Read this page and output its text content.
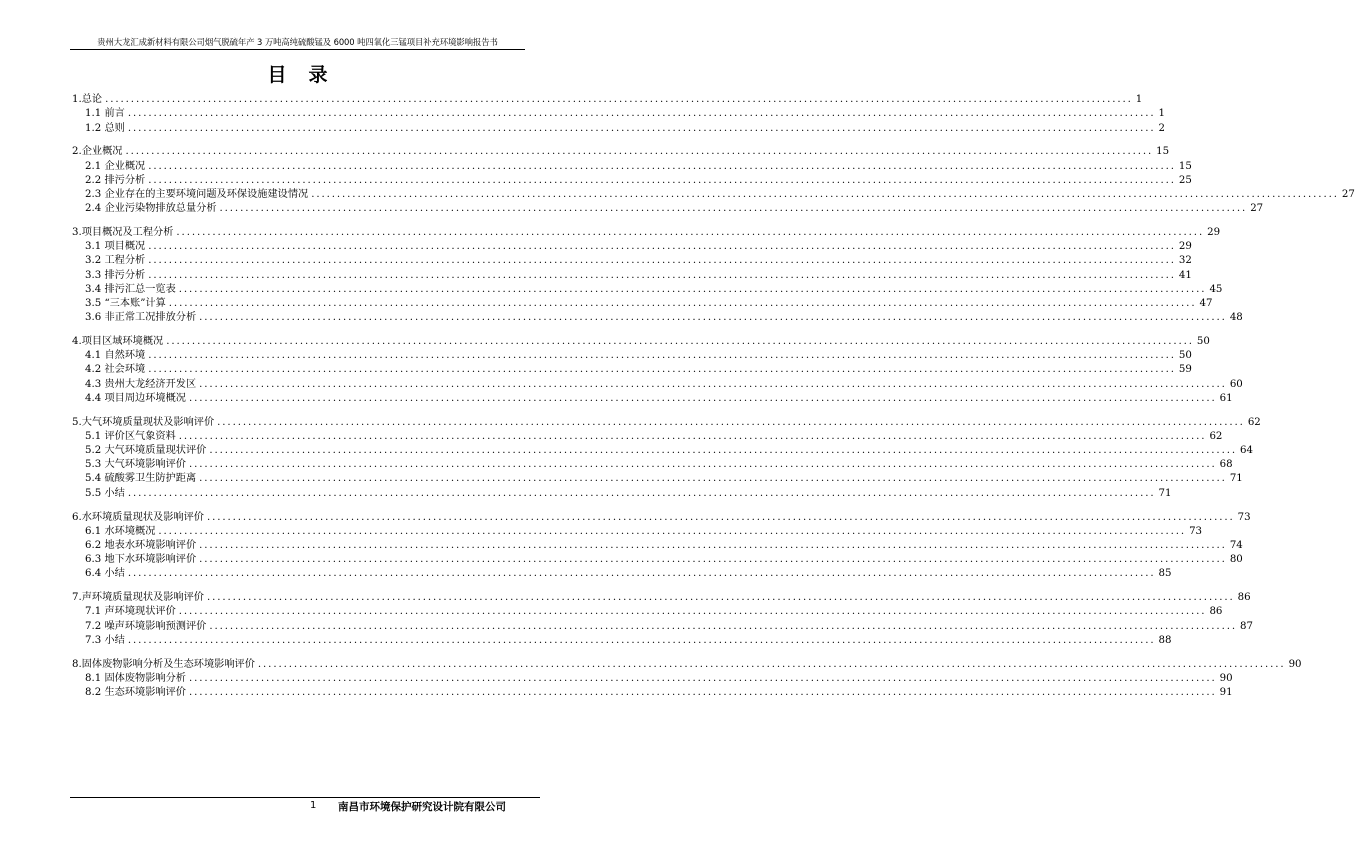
贵州大龙汇成新材料有限公司烟气脱硫年产 3 万吨高纯硫酸锰及 6000 吨四氧化三锰项目补充环境影响报告书
目录
1.总论 ........................................................................................................................................................................................................ 1
1.1 前言 ........................................................................................................................................................................................................ 1
1.2 总则 ........................................................................................................................................................................................................ 2
2.企业概况 ........................................................................................................................................................................................................ 15
2.1 企业概况 ........................................................................................................................................................................................................ 15
2.2 排污分析 ........................................................................................................................................................................................................ 25
2.3 企业存在的主要环境问题及环保设施建设情况 ........................................................................................................................................................................................................ 27
2.4 企业污染物排放总量分析 ........................................................................................................................................................................................................ 27
3.项目概况及工程分析 ........................................................................................................................................................................................................ 29
3.1 项目概况 ........................................................................................................................................................................................................ 29
3.2 工程分析 ........................................................................................................................................................................................................ 32
3.3 排污分析 ........................................................................................................................................................................................................ 41
3.4 排污汇总一览表 ........................................................................................................................................................................................................ 45
3.5 “三本账”计算 ........................................................................................................................................................................................................ 47
3.6 非正常工况排放分析 ........................................................................................................................................................................................................ 48
4.项目区域环境概况 ........................................................................................................................................................................................................ 50
4.1 自然环境 ........................................................................................................................................................................................................ 50
4.2 社会环境 ........................................................................................................................................................................................................ 59
4.3 贵州大龙经济开发区 ........................................................................................................................................................................................................ 60
4.4 项目周边环境概况 ........................................................................................................................................................................................................ 61
5.大气环境质量现状及影响评价 ........................................................................................................................................................................................................ 62
5.1 评价区气象资料 ........................................................................................................................................................................................................ 62
5.2 大气环境质量现状评价 ........................................................................................................................................................................................................ 64
5.3 大气环境影响评价 ........................................................................................................................................................................................................ 68
5.4 硫酸雾卫生防护距离 ........................................................................................................................................................................................................ 71
5.5 小结 ........................................................................................................................................................................................................ 71
6.水环境质量现状及影响评价 ........................................................................................................................................................................................................ 73
6.1 水环境概况 ........................................................................................................................................................................................................ 73
6.2 地表水环境影响评价 ........................................................................................................................................................................................................ 74
6.3 地下水环境影响评价 ........................................................................................................................................................................................................ 80
6.4 小结 ........................................................................................................................................................................................................ 85
7.声环境质量现状及影响评价 ........................................................................................................................................................................................................ 86
7.1 声环境现状评价 ........................................................................................................................................................................................................ 86
7.2 噪声环境影响预测评价 ........................................................................................................................................................................................................ 87
7.3 小结 ........................................................................................................................................................................................................ 88
8.固体废物影响分析及生态环境影响评价 ........................................................................................................................................................................................................ 90
8.1 固体废物影响分析 ........................................................................................................................................................................................................ 90
8.2 生态环境影响评价 ........................................................................................................................................................................................................ 91
1 南昌市环境保护研究设计院有限公司
